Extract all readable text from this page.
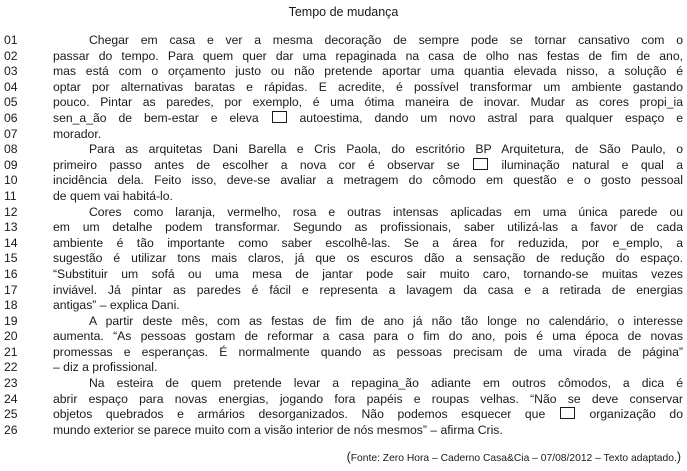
Tempo de mudança
01	Chegar em casa e ver a mesma decoração de sempre pode se tornar cansativo com o
02	passar do tempo. Para quem quer dar uma repaginada na casa de olho nas festas de fim de ano,
03	mas está com o orçamento justo ou não pretende aportar uma quantia elevada nisso, a solução é
04	optar por alternativas baratas e rápidas. E acredite, é possível transformar um ambiente gastando
05	pouco. Pintar as paredes, por exemplo, é uma ótima maneira de inovar. Mudar as cores propi_ia
06	sen_a_ão de bem-estar e eleva  autoestima, dando um novo astral para qualquer espaço e
07	morador.
08	Para as arquitetas Dani Barella e Cris Paola, do escritório BP Arquitetura, de São Paulo, o
09	primeiro passo antes de escolher a nova cor é observar se  iluminação natural e qual a
10	incidência dela. Feito isso, deve-se avaliar a metragem do cômodo em questão e o gosto pessoal
11	de quem vai habitá-lo.
12	Cores como laranja, vermelho, rosa e outras intensas aplicadas em uma única parede ou
13	em um detalhe podem transformar. Segundo as profissionais, saber utilizá-las a favor de cada
14	ambiente é tão importante como saber escolhê-las. Se a área for reduzida, por e_emplo, a
15	sugestão é utilizar tons mais claros, já que os escuros dão a sensação de redução do espaço.
16	“Substituir um sofá ou uma mesa de jantar pode sair muito caro, tornando-se muitas vezes
17	inviável. Já pintar as paredes é fácil e representa a lavagem da casa e a retirada de energias
18	antigas” – explica Dani.
19	A partir deste mês, com as festas de fim de ano já não tão longe no calendário, o interesse
20	aumenta. “As pessoas gostam de reformar a casa para o fim do ano, pois é uma época de novas
21	promessas e esperanças. É normalmente quando as pessoas precisam de uma virada de página”
22	– diz a profissional.
23	Na esteira de quem pretende levar a repagina_ão adiante em outros cômodos, a dica é
24	abrir espaço para novas energias, jogando fora papéis e roupas velhas. “Não se deve conservar
25	objetos quebrados e armários desorganizados. Não podemos esquecer que  organização do
26	mundo exterior se parece muito com a visão interior de nós mesmos” – afirma Cris.
(Fonte: Zero Hora – Caderno Casa&Cia – 07/08/2012 – Texto adaptado.)
